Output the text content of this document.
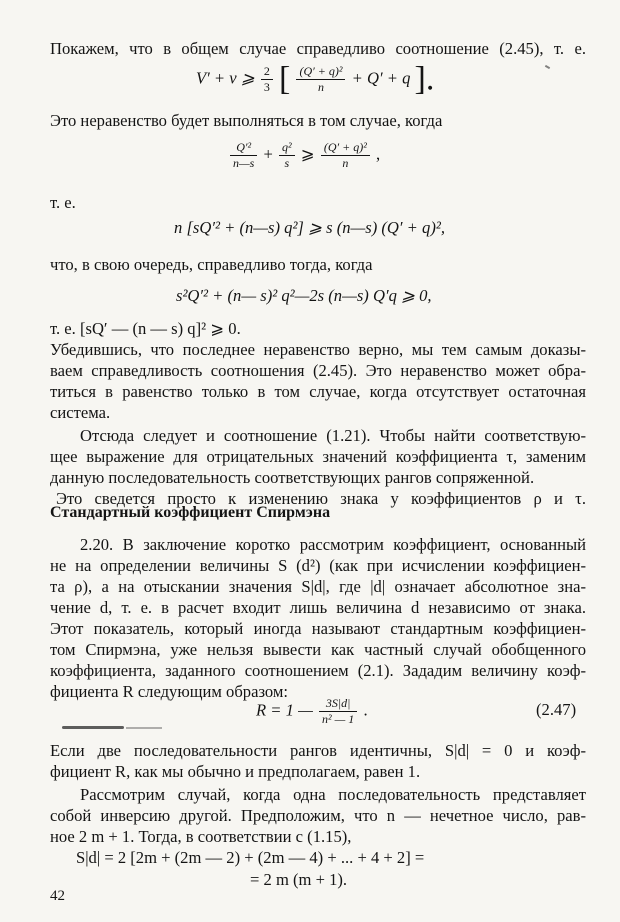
Покажем, что в общем случае справедливо соотношение (2.45), т. е.
V′ + v ⩾ $\frac{2}{3}$ [ $\frac{\text{(Q′ + q)²}}{n} + Q' + q$ ].
Это неравенство будет выполняться в том случае, когда
$\frac{\text{Q′²}}{n—s} + \frac{\text{q²}}{s}$ ⩾ $\frac{\text{(Q′ + q)²}}{n}$ ,
т. е.
n [sQ′² + (n—s) q²] ⩾ s (n—s) (Q′ + q)²,
что, в свою очередь, справедливо тогда, когда
s²Q′² + (n— s)² q²—2s (n—s) Q′q ⩾ 0,
т. е. [sQ′ — (n — s) q]² ⩾ 0.
Убедившись, что последнее неравенство верно, мы тем самым доказы-
ваем справедливость соотношения (2.45). Это неравенство может обра-
титься в равенство только в том случае, когда отсутствует остаточная
система.
Отсюда следует и соотношение (1.21). Чтобы найти соответствую-
щее выражение для отрицательных значений коэффициента τ, заменим
данную последовательность соответствующих рангов сопряженной.
Это сведется просто к изменению знака у коэффициентов ρ и τ.
Стандартный коэффициент Спирмэна
2.20. В заключение коротко рассмотрим коэффициент, основанный
не на определении величины S (d²) (как при исчислении коэффициен-
та ρ), а на отыскании значения S|d|, где |d| означает абсолютное зна-
чение d, т. е. в расчет входит лишь величина d независимо от знака.
Этот показатель, который иногда называют стандартным коэффициен-
том Спирмэна, уже нельзя вывести как частный случай обобщенного
коэффициента, заданного соотношением (2.1). Зададим величину коэф-
фициента R следующим образом:
R = 1 — $\frac{3S|d|}{\text{n² — 1}}$ .	(2.47)
Если две последовательности рангов идентичны, S|d| = 0 и коэф-
фициент R, как мы обычно и предполагаем, равен 1.
Рассмотрим случай, когда одна последовательность представляет
собой инверсию другой. Предположим, что n — нечетное число, рав-
ное 2 m + 1. Тогда, в соответствии с (1.15),
S|d| = 2 [2m + (2m — 2) + (2m — 4) + ... + 4 + 2] =
= 2 m (m + 1).
42
